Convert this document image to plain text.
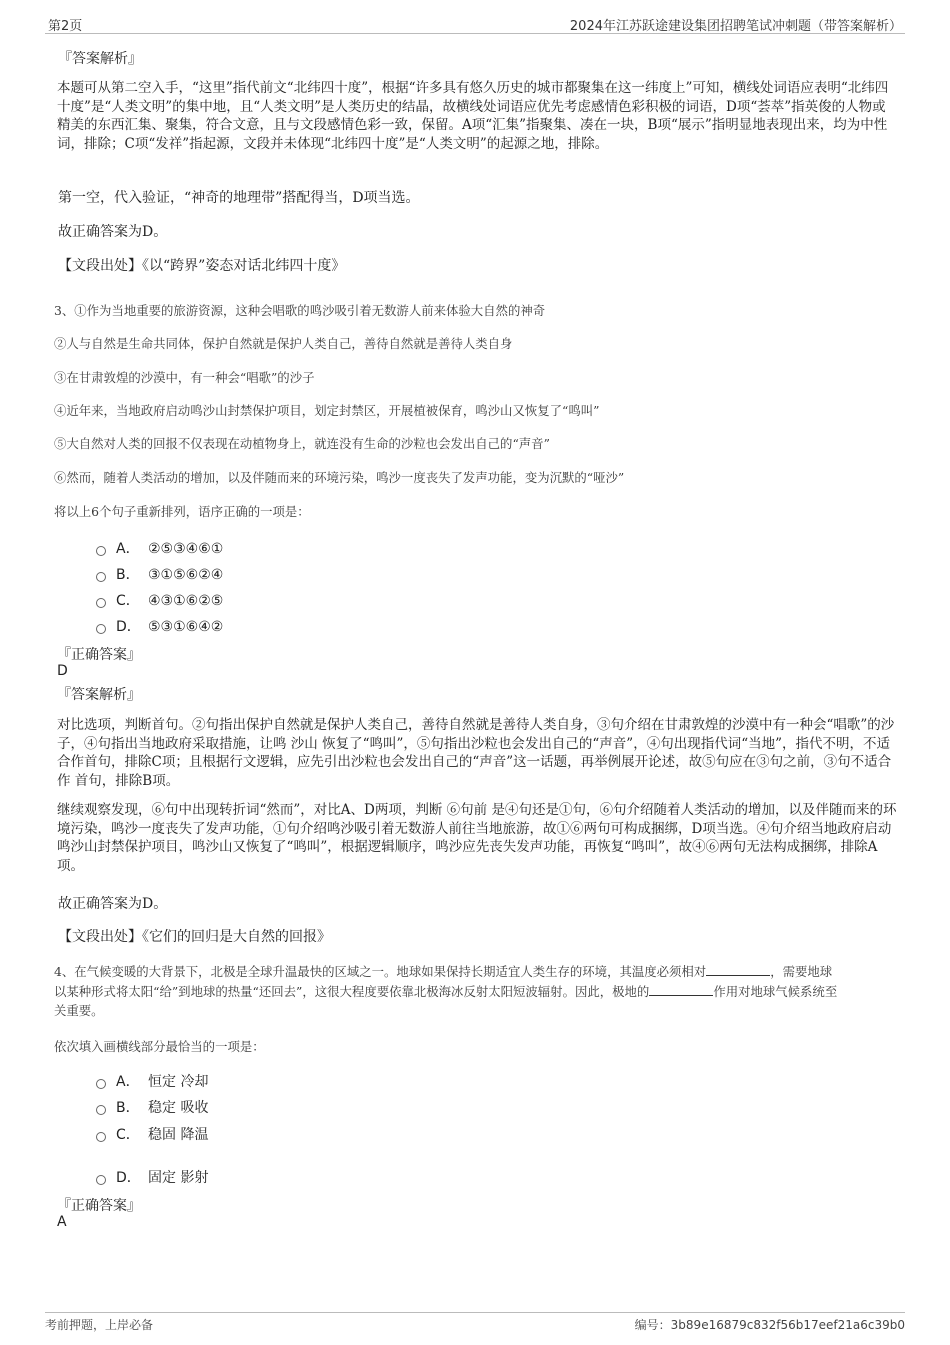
第2页	2024年江苏跃途建设集团招聘笔试冲刺题（带答案解析）
『答案解析』
本题可从第二空入手，“这里”指代前文“北纬四十度”，根据“许多具有悠久历史的城市都聚集在这一纬度上”可知，横线处词语应表明“北纬四十度”是“人类文明”的集中地，且“人类文明”是人类历史的结晶，故横线处词语应优先考虑感情色彩积极的词语，D项“荟萃”指英俊的人物或精美的东西汇集、聚集，符合文意，且与文段感情色彩一致，保留。A项“汇集”指聚集、凑在一块，B项“展示”指明显地表现出来，均为中性词，排除；C项“发祥”指起源，文段并未体现“北纬四十度”是“人类文明”的起源之地，排除。
第一空，代入验证，“神奇的地理带”搭配得当，D项当选。
故正确答案为D。
【文段出处】《以“跨界”姿态对话北纬四十度》
3、①作为当地重要的旅游资源，这种会唱歌的鸣沙吸引着无数游人前来体验大自然的神奇
②人与自然是生命共同体，保护自然就是保护人类自己，善待自然就是善待人类自身
③在甘肃敦煌的沙漠中，有一种会“唱歌”的沙子
④近年来，当地政府启动鸣沙山封禁保护项目，划定封禁区，开展植被保育，鸣沙山又恢复了“鸣叫”
⑤大自然对人类的回报不仅表现在动植物身上，就连没有生命的沙粒也会发出自己的“声音”
⑥然而，随着人类活动的增加，以及伴随而来的环境污染，鸣沙一度丧失了发声功能，变为沉默的“哑沙”
将以上6个句子重新排列，语序正确的一项是：
A． ②⑤③④⑥①
B． ③①⑤⑥②④
C． ④③①⑥②⑤
D． ⑤③①⑥④②
『正确答案』
D
『答案解析』
对比选项，判断首句。②句指出保护自然就是保护人类自己，善待自然就是善待人类自身，③句介绍在甘肃敦煌的沙漠中有一种会“唱歌”的沙子，④句指出当地政府采取措施，让鸣 沙山 恢复了“鸣叫”，⑤句指出沙粒也会发出自己的“声音”，④句出现指代词“当地”，指代不明，不适合作首句，排除C项；且根据行文逻辑，应先引出沙粒也会发出自己的“声音”这一话题，再举例展开论述，故⑤句应在③句之前，③句不适合 作 首句，排除B项。
继续观察发现，⑥句中出现转折词“然而”，对比A、D两项，判断 ⑥句前 是④句还是①句，⑥句介绍随着人类活动的增加，以及伴随而来的环境污染，鸣沙一度丧失了发声功能，①句介绍鸣沙吸引着无数游人前往当地旅游，故①⑥两句可构成捆绑，D项当选。④句介绍当地政府启动鸣沙山封禁保护项目，鸣沙山又恢复了“鸣叫”，根据逻辑顺序，鸣沙应先丧失发声功能，再恢复“鸣叫”，故④⑥两句无法构成捆绑，排除A项。
故正确答案为D。
【文段出处】《它们的回归是大自然的回报》
4、在气候变暖的大背景下，北极是全球升温最快的区域之一。地球如果保持长期适宜人类生存的环境，其温度必须相对	，需要地球
以某种形式将太阳“给”到地球的热量“还回去”，这很大程度要依靠北极海冰反射太阳短波辐射。因此，极地的	作用对地球气候系统至
关重要。
依次填入画横线部分最恰当的一项是：
A． 恒定 冷却
B． 稳定 吸收
C． 稳固 降温
D． 固定 影射
『正确答案』
A
考前押题，上岸必备	编号：3b89e16879c832f56b17eef21a6c39b0
